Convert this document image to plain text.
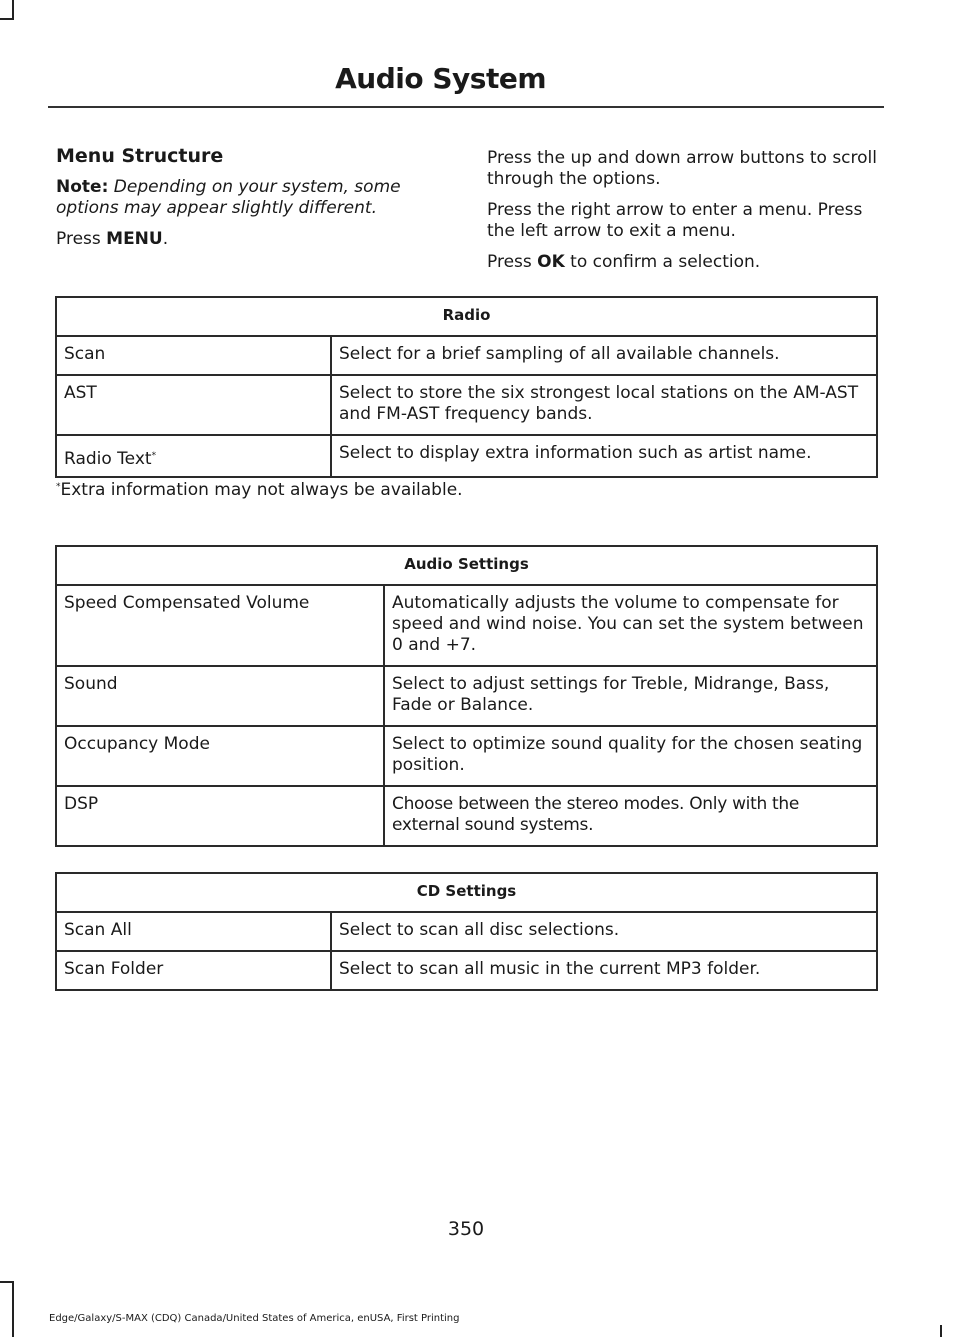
Audio System
Menu Structure
Note: Depending on your system, some options may appear slightly different.
Press MENU.
Press the up and down arrow buttons to scroll through the options.
Press the right arrow to enter a menu. Press the left arrow to exit a menu.
Press OK to confirm a selection.
Radio	
Scan	Select for a brief sampling of all available channels.
AST	Select to store the six strongest local stations on the AM-AST and FM-AST frequency bands.
Radio Text*	Select to display extra information such as artist name.
*Extra information may not always be available.
Audio Settings	
Speed Compensated Volume	Automatically adjusts the volume to compensate for speed and wind noise. You can set the system between 0 and +7.
Sound	Select to adjust settings for Treble, Midrange, Bass, Fade or Balance.
Occupancy Mode	Select to optimize sound quality for the chosen seating position.
DSP	Choose between the stereo modes. Only with the external sound systems.
CD Settings	
Scan All	Select to scan all disc selections.
Scan Folder	Select to scan all music in the current MP3 folder.
350
Edge/Galaxy/S-MAX (CDQ) Canada/United States of America, enUSA, First Printing
